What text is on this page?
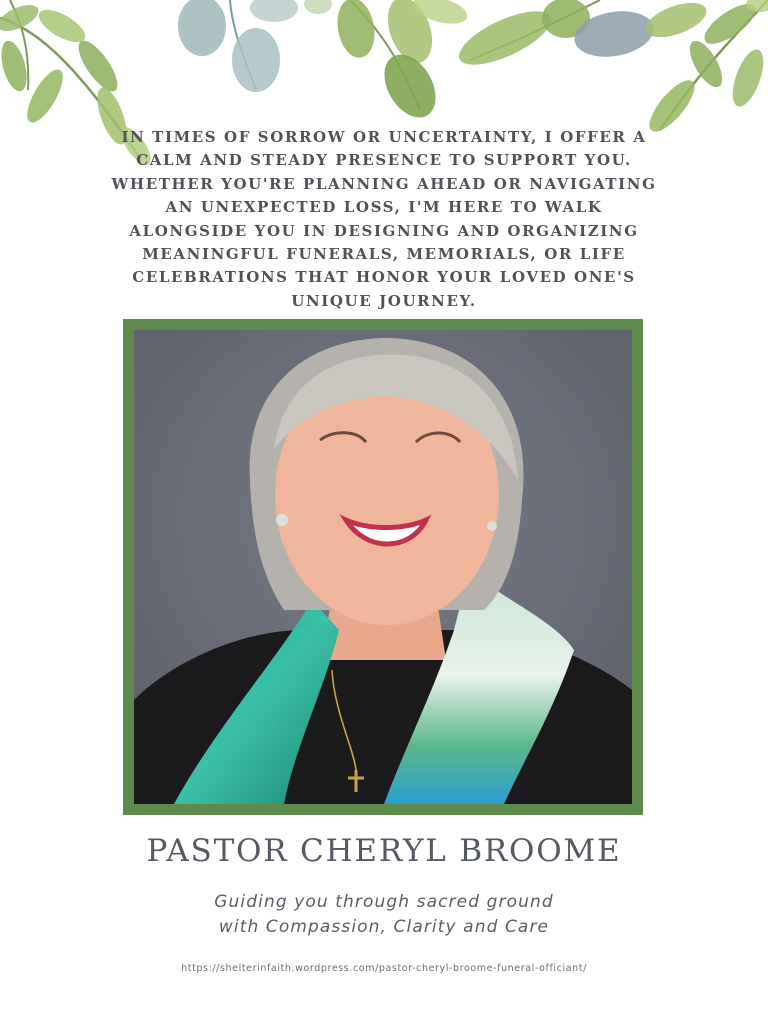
IN TIMES OF SORROW OR UNCERTAINTY, I OFFER A CALM AND STEADY PRESENCE TO SUPPORT YOU. WHETHER YOU'RE PLANNING AHEAD OR NAVIGATING AN UNEXPECTED LOSS, I'M HERE TO WALK ALONGSIDE YOU IN DESIGNING AND ORGANIZING MEANINGFUL FUNERALS, MEMORIALS, OR LIFE CELEBRATIONS THAT HONOR YOUR LOVED ONE'S UNIQUE JOURNEY.

PASTOR CHERYL BROOME

Guiding you through sacred ground
with Compassion, Clarity and Care

https://shelterinfaith.wordpress.com/pastor-cheryl-broome-funeral-officiant/
